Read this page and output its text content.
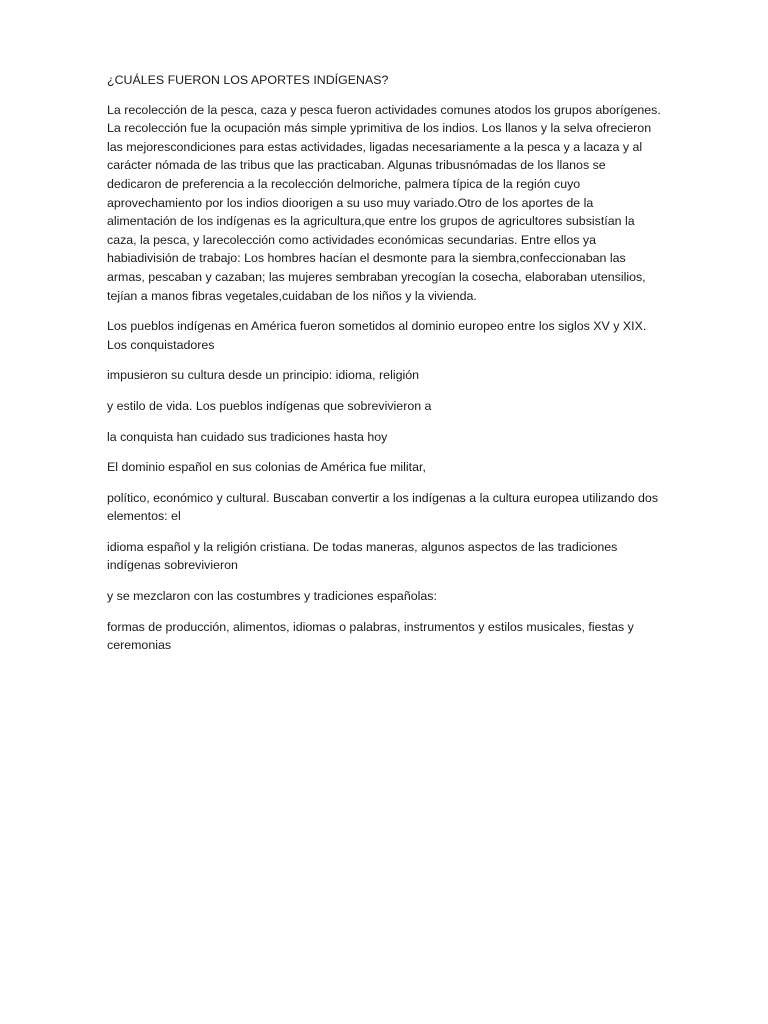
¿CUÁLES FUERON LOS APORTES INDÍGENAS?

La recolección de la pesca, caza y pesca fueron actividades comunes atodos los grupos aborígenes. La recolección fue la ocupación más simple yprimitiva de los indios. Los llanos y la selva ofrecieron las mejorescondiciones para estas actividades, ligadas necesariamente a la pesca y a lacaza y al carácter nómada de las tribus que las practicaban. Algunas tribusnómadas de los llanos se dedicaron de preferencia a la recolección delmoriche, palmera típica de la región cuyo aprovechamiento por los indios dioorigen a su uso muy variado.Otro de los aportes de la alimentación de los indígenas es la agricultura,que entre los grupos de agricultores subsistían la caza, la pesca, y larecolección como actividades económicas secundarias. Entre ellos ya habiadivisión de trabajo: Los hombres hacían el desmonte para la siembra,confeccionaban las armas, pescaban y cazaban; las mujeres sembraban yrecogían la cosecha, elaboraban utensilios, tejían a manos fibras vegetales,cuidaban de los niños y la vivienda.

Los pueblos indígenas en América fueron sometidos al dominio europeo entre los siglos XV y XIX. Los conquistadores

impusieron su cultura desde un principio: idioma, religión

y estilo de vida. Los pueblos indígenas que sobrevivieron a

la conquista han cuidado sus tradiciones hasta hoy

El dominio español en sus colonias de América fue militar,

político, económico y cultural. Buscaban convertir a los indígenas a la cultura europea utilizando dos elementos: el

idioma español y la religión cristiana. De todas maneras, algunos aspectos de las tradiciones indígenas sobrevivieron

y se mezclaron con las costumbres y tradiciones españolas:

formas de producción, alimentos, idiomas o palabras, instrumentos y estilos musicales, fiestas y ceremonias
